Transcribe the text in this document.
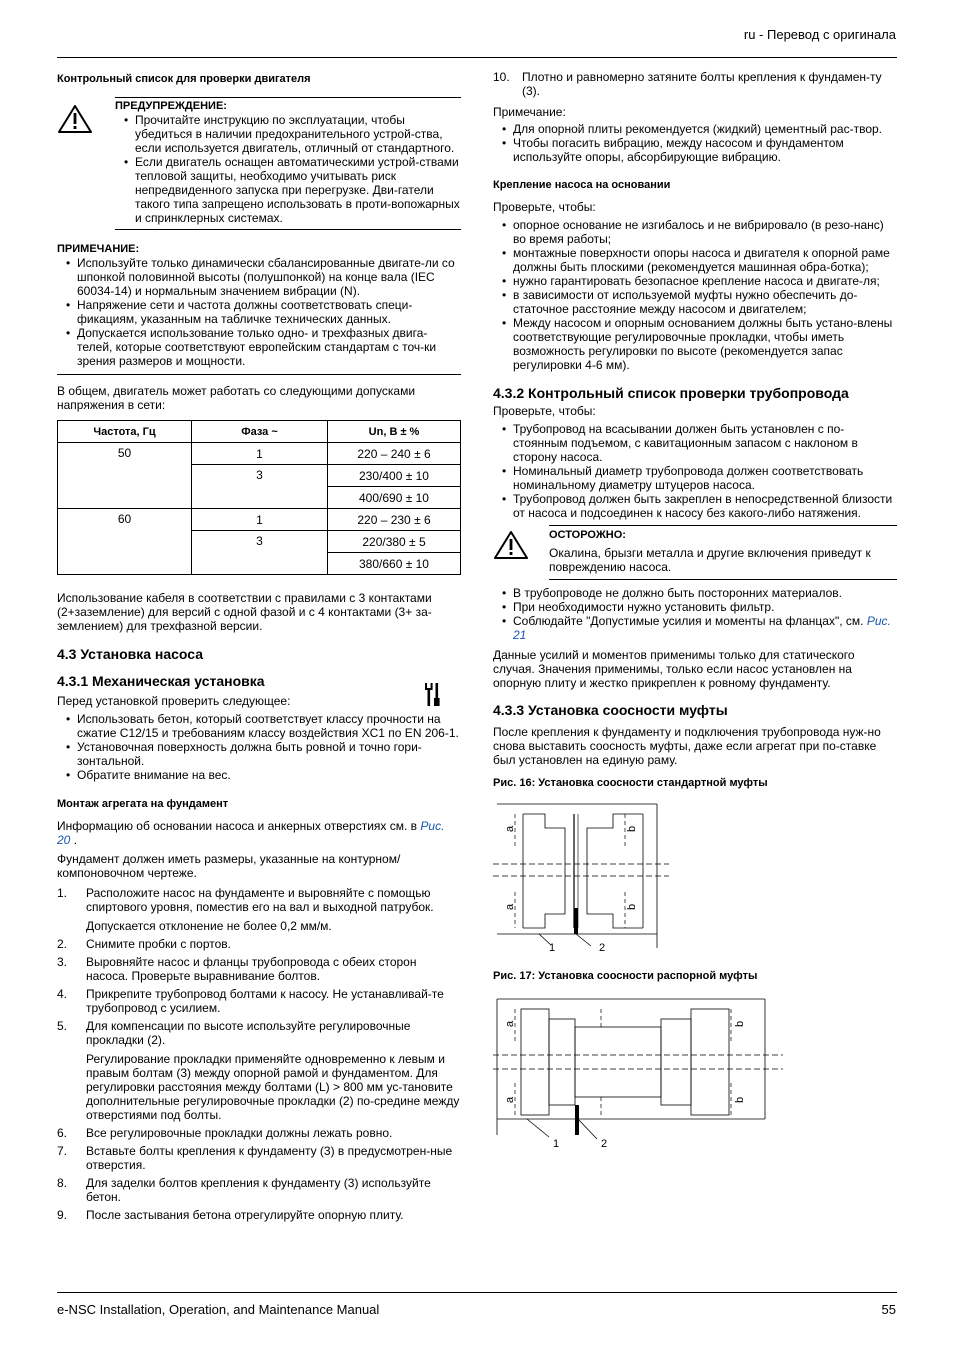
ru - Перевод с оригинала

Контрольный список для проверки двигателя

ПРЕДУПРЕЖДЕНИЕ:

• Прочитайте инструкцию по эксплуатации, чтобы убедиться в наличии предохранительного устрой-ства, если используется двигатель, отличный от стандартного.
• Если двигатель оснащен автоматическими устрой-ствами тепловой защиты, необходимо учитывать риск непредвиденного запуска при перегрузке. Дви-гатели такого типа запрещено использовать в проти-вопожарных и спринклерных системах.

ПРИМЕЧАНИЕ:

• Используйте только динамически сбалансированные двигате-ли со шпонкой половинной высоты (полушпонкой) на конце вала (IEC 60034-14) и нормальным значением вибрации (N).
• Напряжение сети и частота должны соответствовать специ-фикациям, указанным на табличке технических данных.
• Допускается использование только одно- и трехфазных двига-телей, которые соответствуют европейским стандартам с точ-ки зрения размеров и мощности.

В общем, двигатель может работать со следующими допусками напряжения в сети:

Частота, Гц	Фаза ~	Un, В ± %
50	1	220 – 240 ± 6
	3	230/400 ± 10
		400/690 ± 10
60	1	220 – 230 ± 6
	3	220/380 ± 5
		380/660 ± 10

Использование кабеля в соответствии с правилами с 3 контактами (2+заземление) для версий с одной фазой и с 4 контактами (3+ за-землением) для трехфазной версии.

4.3 Установка насоса

4.3.1 Механическая установка

Перед установкой проверить следующее:

• Использовать бетон, который соответствует классу прочности на сжатие C12/15 и требованиям классу воздействия XC1 по EN 206-1.
• Установочная поверхность должна быть ровной и точно гори-зонтальной.
• Обратите внимание на вес.

Монтаж агрегата на фундамент

Информацию об основании насоса и анкерных отверстиях см. в Рис. 20 .

Фундамент должен иметь размеры, указанные на контурном/ компоновочном чертеже.

1. Расположите насос на фундаменте и выровняйте с помощью спиртового уровня, поместив его на вал и выходной патрубок.
Допускается отклонение не более 0,2 мм/м.
2. Снимите пробки с портов.
3. Выровняйте насос и фланцы трубопровода с обеих сторон насоса. Проверьте выравнивание болтов.
4. Прикрепите трубопровод болтами к насосу. Не устанавливай-те трубопровод с усилием.
5. Для компенсации по высоте используйте регулировочные прокладки (2).
Регулирование прокладки применяйте одновременно к левым и правым болтам (3) между опорной рамой и фундаментом. Для регулировки расстояния между болтами (L) > 800 мм ус-тановите дополнительные регулировочные прокладки (2) по-средине между отверстиями под болты.
6. Все регулировочные прокладки должны лежать ровно.
7. Вставьте болты крепления к фундаменту (3) в предусмотрен-ные отверстия.
8. Для заделки болтов крепления к фундаменту (3) используйте бетон.
9. После застывания бетона отрегулируйте опорную плиту.
10. Плотно и равномерно затяните болты крепления к фундамен-ту (3).

Примечание:

• Для опорной плиты рекомендуется (жидкий) цементный рас-твор.
• Чтобы погасить вибрацию, между насосом и фундаментом используйте опоры, абсорбирующие вибрацию.

Крепление насоса на основании

Проверьте, чтобы:

• опорное основание не изгибалось и не вибрировало (в резо-нанс) во время работы;
• монтажные поверхности опоры насоса и двигателя к опорной раме должны быть плоскими (рекомендуется машинная обра-ботка);
• нужно гарантировать безопасное крепление насоса и двигате-ля;
• в зависимости от используемой муфты нужно обеспечить до-статочное расстояние между насосом и двигателем;
• Между насосом и опорным основанием должны быть устано-влены соответствующие регулировочные прокладки, чтобы иметь возможность регулировки по высоте (рекомендуется запас регулировки 4-6 мм).

4.3.2 Контрольный список проверки трубопровода

Проверьте, чтобы:

• Трубопровод на всасывании должен быть установлен с по-стоянным подъемом, с кавитационным запасом с наклоном в сторону насоса.
• Номинальный диаметр трубопровода должен соответствовать номинальному диаметру штуцеров насоса.
• Трубопровод должен быть закреплен в непосредственной близости от насоса и подсоединен к насосу без какого-либо натяжения.

ОСТОРОЖНО:

Окалина, брызги металла и другие включения приведут к повреждению насоса.

• В трубопроводе не должно быть посторонних материалов.
• При необходимости нужно установить фильтр.
• Соблюдайте "Допустимые усилия и моменты на фланцах", см. Рис. 21

Данные усилий и моментов применимы только для статического случая. Значения применимы, только если насос установлен на опорную плиту и жестко прикреплен к ровному фундаменту.

4.3.3 Установка соосности муфты

После крепления к фундаменту и подключения трубопровода нуж-но снова выставить соосность муфты, даже если агрегат при по-ставке был установлен на единую раму.

Рис. 16: Установка соосности стандартной муфты

a
a
b
b
1	2

Рис. 17: Установка соосности распорной муфты

a
a
b
b
1	2
e-NSC Installation, Operation, and Maintenance Manual	55
